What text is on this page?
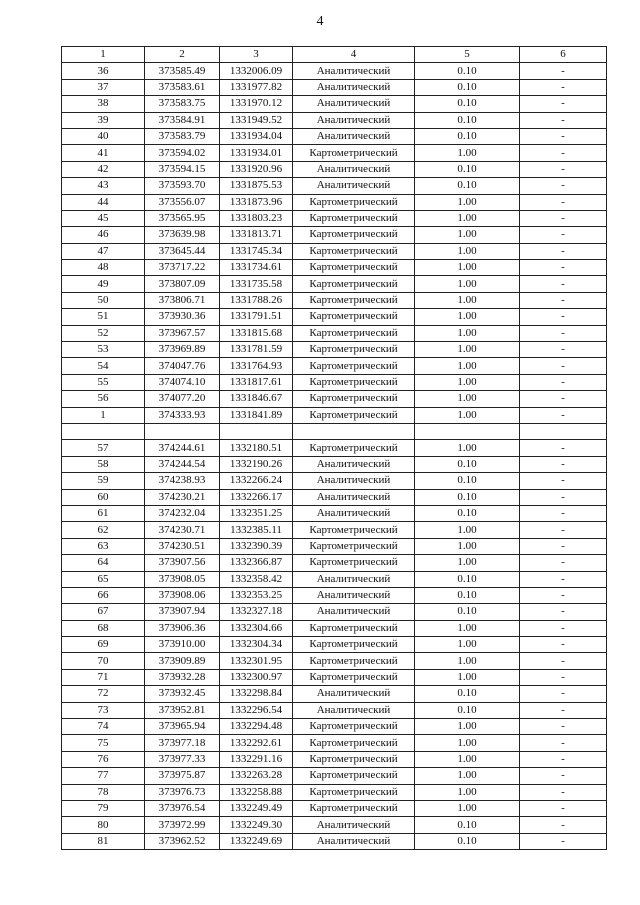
4
1	2	3	4	5	6
36	373585.49	1332006.09	Аналитический	0.10	-
37	373583.61	1331977.82	Аналитический	0.10	-
38	373583.75	1331970.12	Аналитический	0.10	-
39	373584.91	1331949.52	Аналитический	0.10	-
40	373583.79	1331934.04	Аналитический	0.10	-
41	373594.02	1331934.01	Картометрический	1.00	-
42	373594.15	1331920.96	Аналитический	0.10	-
43	373593.70	1331875.53	Аналитический	0.10	-
44	373556.07	1331873.96	Картометрический	1.00	-
45	373565.95	1331803.23	Картометрический	1.00	-
46	373639.98	1331813.71	Картометрический	1.00	-
47	373645.44	1331745.34	Картометрический	1.00	-
48	373717.22	1331734.61	Картометрический	1.00	-
49	373807.09	1331735.58	Картометрический	1.00	-
50	373806.71	1331788.26	Картометрический	1.00	-
51	373930.36	1331791.51	Картометрический	1.00	-
52	373967.57	1331815.68	Картометрический	1.00	-
53	373969.89	1331781.59	Картометрический	1.00	-
54	374047.76	1331764.93	Картометрический	1.00	-
55	374074.10	1331817.61	Картометрический	1.00	-
56	374077.20	1331846.67	Картометрический	1.00	-
1	374333.93	1331841.89	Картометрический	1.00	-

57	374244.61	1332180.51	Картометрический	1.00	-
58	374244.54	1332190.26	Аналитический	0.10	-
59	374238.93	1332266.24	Аналитический	0.10	-
60	374230.21	1332266.17	Аналитический	0.10	-
61	374232.04	1332351.25	Аналитический	0.10	-
62	374230.71	1332385.11	Картометрический	1.00	-
63	374230.51	1332390.39	Картометрический	1.00	-
64	373907.56	1332366.87	Картометрический	1.00	-
65	373908.05	1332358.42	Аналитический	0.10	-
66	373908.06	1332353.25	Аналитический	0.10	-
67	373907.94	1332327.18	Аналитический	0.10	-
68	373906.36	1332304.66	Картометрический	1.00	-
69	373910.00	1332304.34	Картометрический	1.00	-
70	373909.89	1332301.95	Картометрический	1.00	-
71	373932.28	1332300.97	Картометрический	1.00	-
72	373932.45	1332298.84	Аналитический	0.10	-
73	373952.81	1332296.54	Аналитический	0.10	-
74	373965.94	1332294.48	Картометрический	1.00	-
75	373977.18	1332292.61	Картометрический	1.00	-
76	373977.33	1332291.16	Картометрический	1.00	-
77	373975.87	1332263.28	Картометрический	1.00	-
78	373976.73	1332258.88	Картометрический	1.00	-
79	373976.54	1332249.49	Картометрический	1.00	-
80	373972.99	1332249.30	Аналитический	0.10	-
81	373962.52	1332249.69	Аналитический	0.10	-
